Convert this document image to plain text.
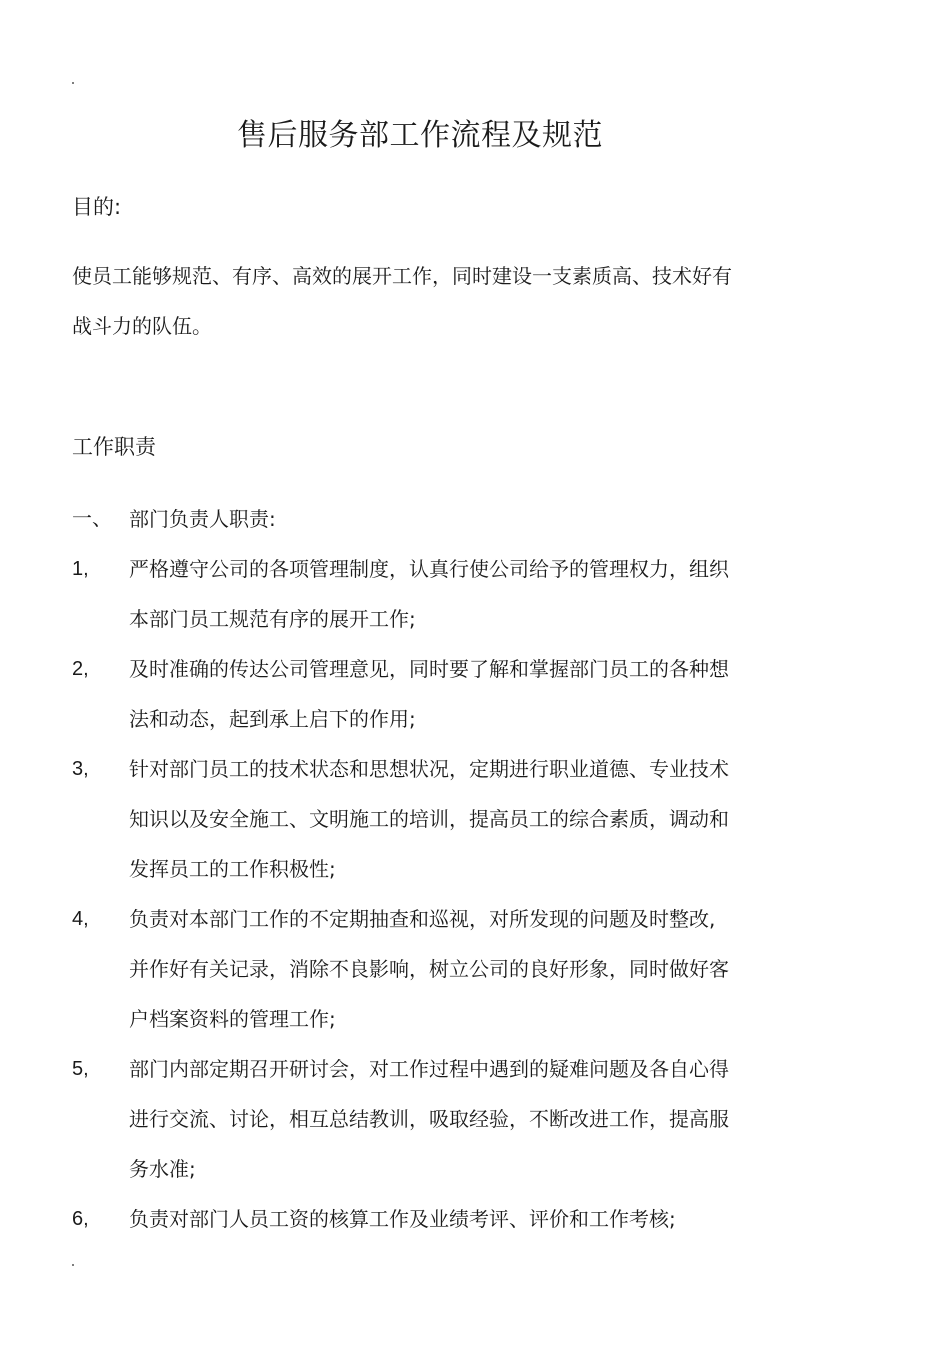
售后服务部工作流程及规范
目的:
使员工能够规范、有序、高效的展开工作，同时建设一支素质高、技术好有
战斗力的队伍。
工作职责
一、 部门负责人职责:
1,	严格遵守公司的各项管理制度，认真行使公司给予的管理权力，组织
本部门员工规范有序的展开工作;
2,	及时准确的传达公司管理意见，同时要了解和掌握部门员工的各种想
法和动态，起到承上启下的作用;
3,	针对部门员工的技术状态和思想状况，定期进行职业道德、专业技术
知识以及安全施工、文明施工的培训，提高员工的综合素质，调动和
发挥员工的工作积极性;
4,	负责对本部门工作的不定期抽查和巡视，对所发现的问题及时整改,
并作好有关记录，消除不良影响，树立公司的良好形象，同时做好客
户档案资料的管理工作;
5,	部门内部定期召开研讨会，对工作过程中遇到的疑难问题及各自心得
进行交流、讨论，相互总结教训，吸取经验，不断改进工作，提高服
务水准;
6,	负责对部门人员工资的核算工作及业绩考评、评价和工作考核;
